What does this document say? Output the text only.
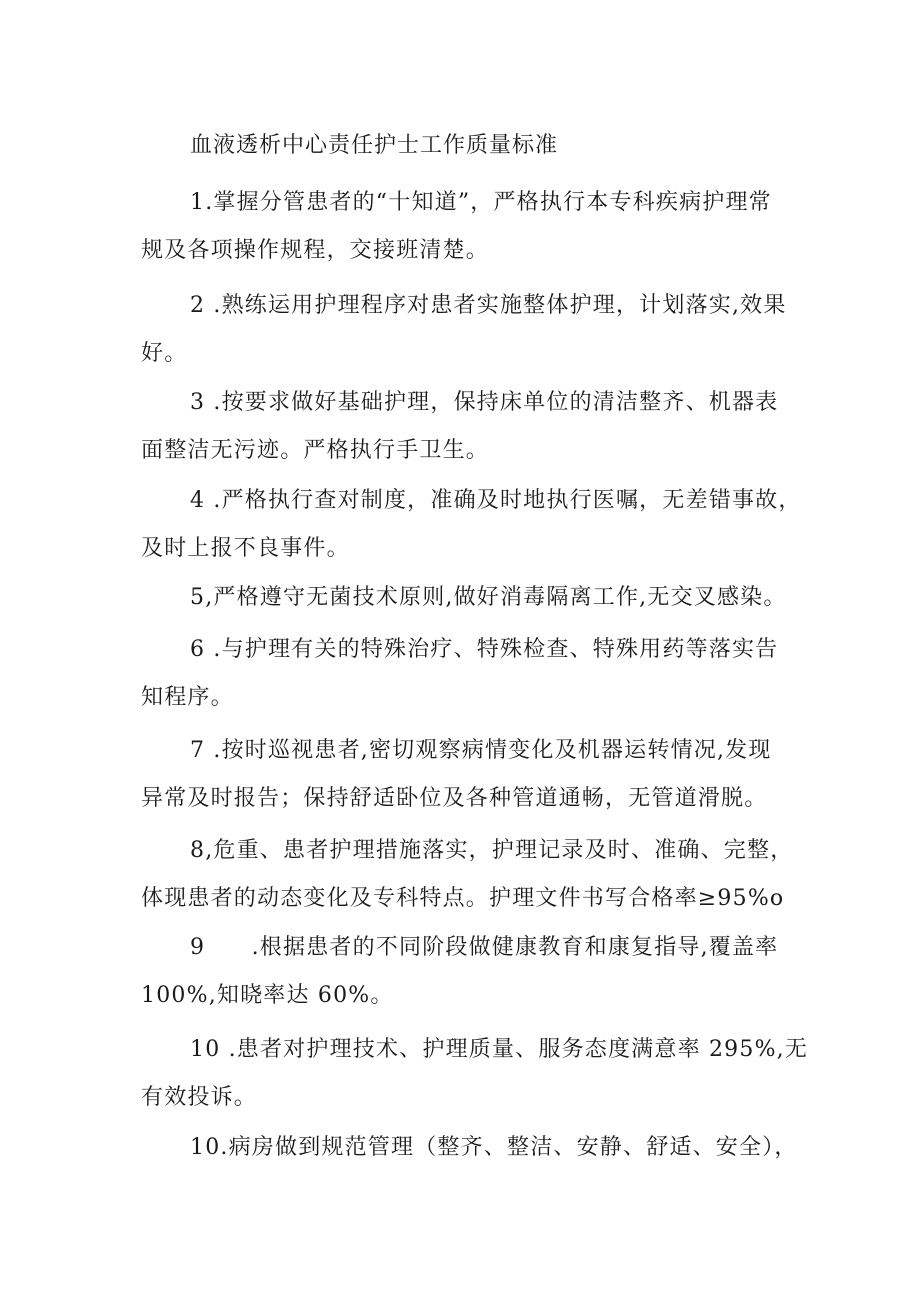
血液透析中心责任护士工作质量标准
1.掌握分管患者的“十知道”，严格执行本专科疾病护理常
规及各项操作规程，交接班清楚。
2 .熟练运用护理程序对患者实施整体护理，计划落实,效果
好。
3 .按要求做好基础护理，保持床单位的清洁整齐、机器表
面整洁无污迹。严格执行手卫生。
4 .严格执行查对制度，准确及时地执行医嘱，无差错事故，
及时上报不良事件。
5,严格遵守无菌技术原则,做好消毒隔离工作,无交叉感染。
6 .与护理有关的特殊治疗、特殊检查、特殊用药等落实告
知程序。
7 .按时巡视患者,密切观察病情变化及机器运转情况,发现
异常及时报告；保持舒适卧位及各种管道通畅，无管道滑脱。
8,危重、患者护理措施落实，护理记录及时、准确、完整，
体现患者的动态变化及专科特点。护理文件书写合格率≥95%o
9　　.根据患者的不同阶段做健康教育和康复指导,覆盖率
100%,知晓率达 60%。
10 .患者对护理技术、护理质量、服务态度满意率 295%,无
有效投诉。
10.病房做到规范管理（整齐、整洁、安静、舒适、安全），
